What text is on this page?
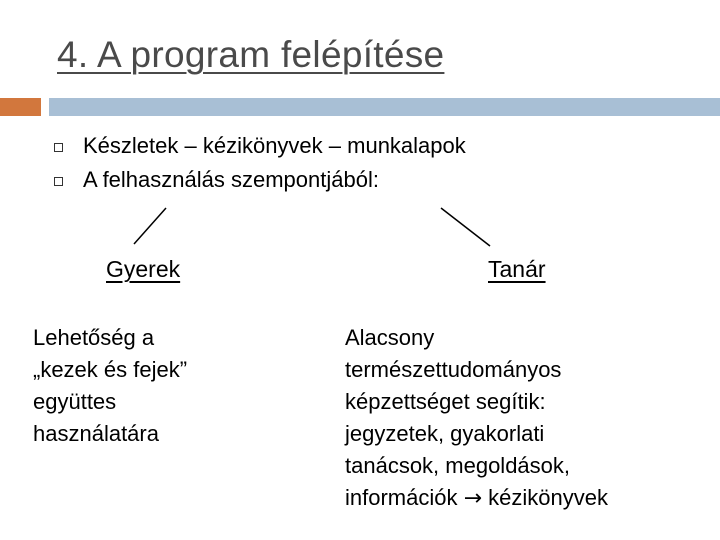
4. A program felépítése
Készletek – kézikönyvek – munkalapok
A felhasználás szempontjából:
Gyerek	Tanár
Lehetőség a
„kezek és fejek”
együttes
használatára
Alacsony
természettudományos
képzettséget segítik:
jegyzetek, gyakorlati
tanácsok, megoldások,
információk → kézikönyvek
